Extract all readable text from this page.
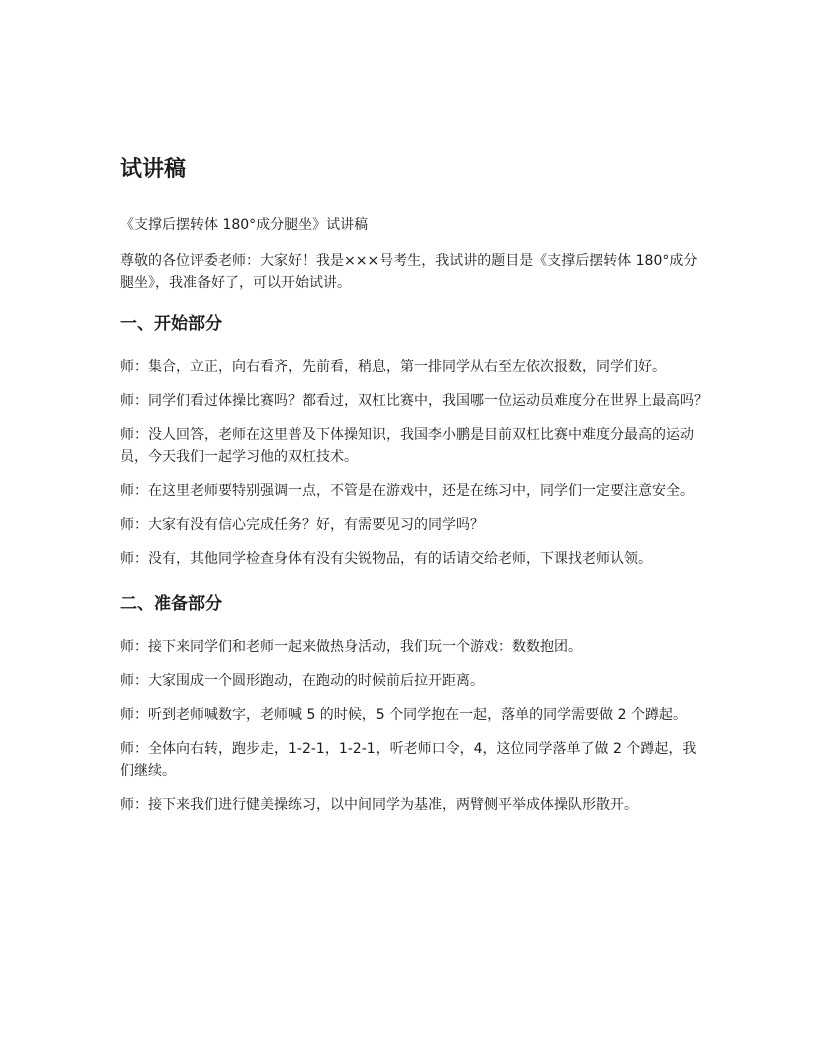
试讲稿

《支撑后摆转体 180°成分腿坐》试讲稿

尊敬的各位评委老师：大家好！我是×××号考生，我试讲的题目是《支撑后摆转体 180°成分腿坐》，我准备好了，可以开始试讲。

一、开始部分

师：集合，立正，向右看齐，先前看，稍息，第一排同学从右至左依次报数，同学们好。

师：同学们看过体操比赛吗？都看过，双杠比赛中，我国哪一位运动员难度分在世界上最高吗？

师：没人回答，老师在这里普及下体操知识，我国李小鹏是目前双杠比赛中难度分最高的运动员，今天我们一起学习他的双杠技术。

师：在这里老师要特别强调一点，不管是在游戏中，还是在练习中，同学们一定要注意安全。

师：大家有没有信心完成任务？好，有需要见习的同学吗？

师：没有，其他同学检查身体有没有尖锐物品，有的话请交给老师，下课找老师认领。

二、准备部分

师：接下来同学们和老师一起来做热身活动，我们玩一个游戏：数数抱团。

师：大家围成一个圆形跑动，在跑动的时候前后拉开距离。

师：听到老师喊数字，老师喊 5 的时候，5 个同学抱在一起，落单的同学需要做 2 个蹲起。

师：全体向右转，跑步走，1-2-1，1-2-1，听老师口令，4，这位同学落单了做 2 个蹲起，我们继续。

师：接下来我们进行健美操练习，以中间同学为基准，两臂侧平举成体操队形散开。
